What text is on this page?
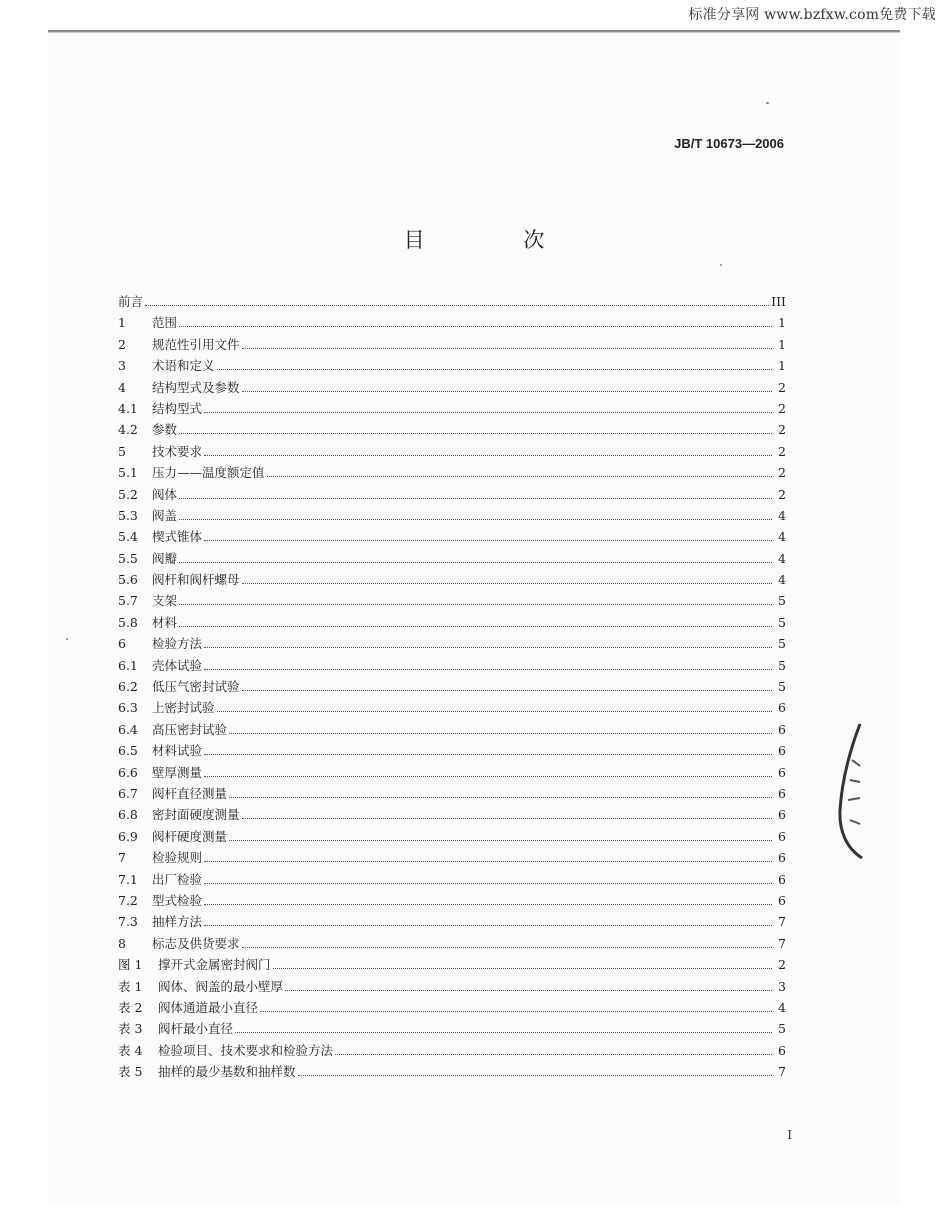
标准分享网 www.bzfxw.com免费下载
JB/T 10673—2006
目 次
前言	III
1	范围	1
2	规范性引用文件	1
3	术语和定义	1
4	结构型式及参数	2
4.1	结构型式	2
4.2	参数	2
5	技术要求	2
5.1	压力——温度额定值	2
5.2	阀体	2
5.3	阀盖	4
5.4	楔式锥体	4
5.5	阀瓣	4
5.6	阀杆和阀杆螺母	4
5.7	支架	5
5.8	材料	5
6	检验方法	5
6.1	壳体试验	5
6.2	低压气密封试验	5
6.3	上密封试验	6
6.4	高压密封试验	6
6.5	材料试验	6
6.6	壁厚测量	6
6.7	阀杆直径测量	6
6.8	密封面硬度测量	6
6.9	阀杆硬度测量	6
7	检验规则	6
7.1	出厂检验	6
7.2	型式检验	6
7.3	抽样方法	7
8	标志及供货要求	7
图 1	撑开式金属密封阀门	2
表 1	阀体、阀盖的最小壁厚	3
表 2	阀体通道最小直径	4
表 3	阀杆最小直径	5
表 4	检验项目、技术要求和检验方法	6
表 5	抽样的最少基数和抽样数	7
I
